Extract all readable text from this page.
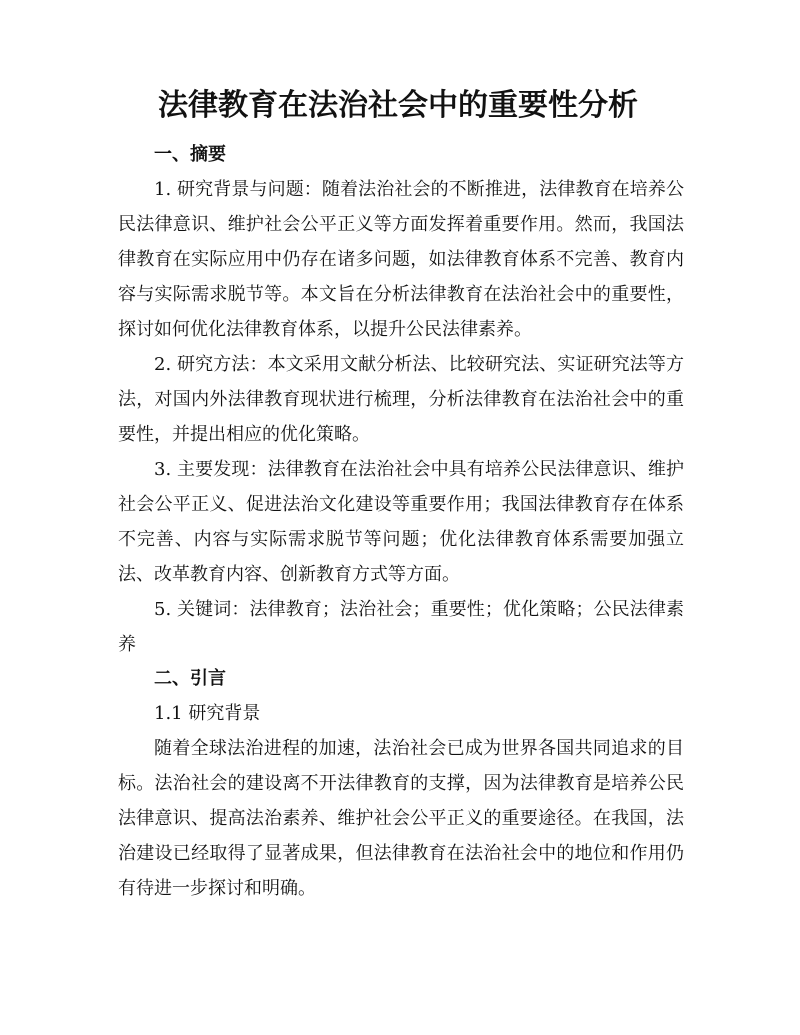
法律教育在法治社会中的重要性分析
一、摘要

1. 研究背景与问题：随着法治社会的不断推进，法律教育在培养公民法律意识、维护社会公平正义等方面发挥着重要作用。然而，我国法律教育在实际应用中仍存在诸多问题，如法律教育体系不完善、教育内容与实际需求脱节等。本文旨在分析法律教育在法治社会中的重要性，探讨如何优化法律教育体系，以提升公民法律素养。

2. 研究方法：本文采用文献分析法、比较研究法、实证研究法等方法，对国内外法律教育现状进行梳理，分析法律教育在法治社会中的重要性，并提出相应的优化策略。

3. 主要发现：法律教育在法治社会中具有培养公民法律意识、维护社会公平正义、促进法治文化建设等重要作用；我国法律教育存在体系不完善、内容与实际需求脱节等问题；优化法律教育体系需要加强立法、改革教育内容、创新教育方式等方面。

5. 关键词：法律教育；法治社会；重要性；优化策略；公民法律素养

二、引言

1.1 研究背景

随着全球法治进程的加速，法治社会已成为世界各国共同追求的目标。法治社会的建设离不开法律教育的支撑，因为法律教育是培养公民法律意识、提高法治素养、维护社会公平正义的重要途径。在我国，法治建设已经取得了显著成果，但法律教育在法治社会中的地位和作用仍有待进一步探讨和明确。
